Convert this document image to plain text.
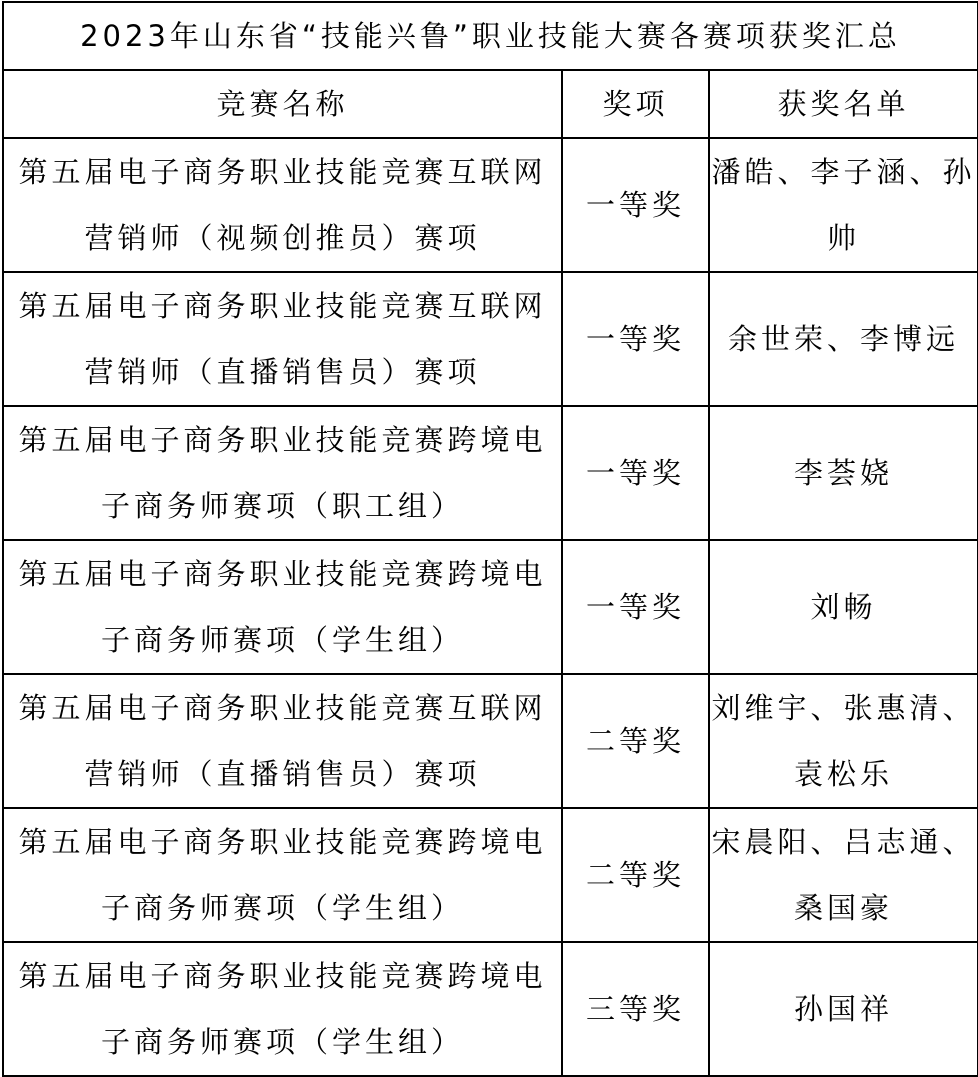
2023年山东省“技能兴鲁”职业技能大赛各赛项获奖汇总		
竞赛名称	奖项	获奖名单

第五届电子商务职业技能竞赛互联网营销师（视频创推员）赛项	一等奖	潘皓、李子涵、孙帅

第五届电子商务职业技能竞赛互联网营销师（直播销售员）赛项	一等奖	余世荣、李博远

第五届电子商务职业技能竞赛跨境电子商务师赛项（职工组）	一等奖	李荟娆

第五届电子商务职业技能竞赛跨境电子商务师赛项（学生组）	一等奖	刘畅

第五届电子商务职业技能竞赛互联网营销师（直播销售员）赛项	二等奖	刘维宇、张惠清、袁松乐

第五届电子商务职业技能竞赛跨境电子商务师赛项（学生组）	二等奖	宋晨阳、吕志通、桑国豪

第五届电子商务职业技能竞赛跨境电子商务师赛项（学生组）	三等奖	孙国祥
